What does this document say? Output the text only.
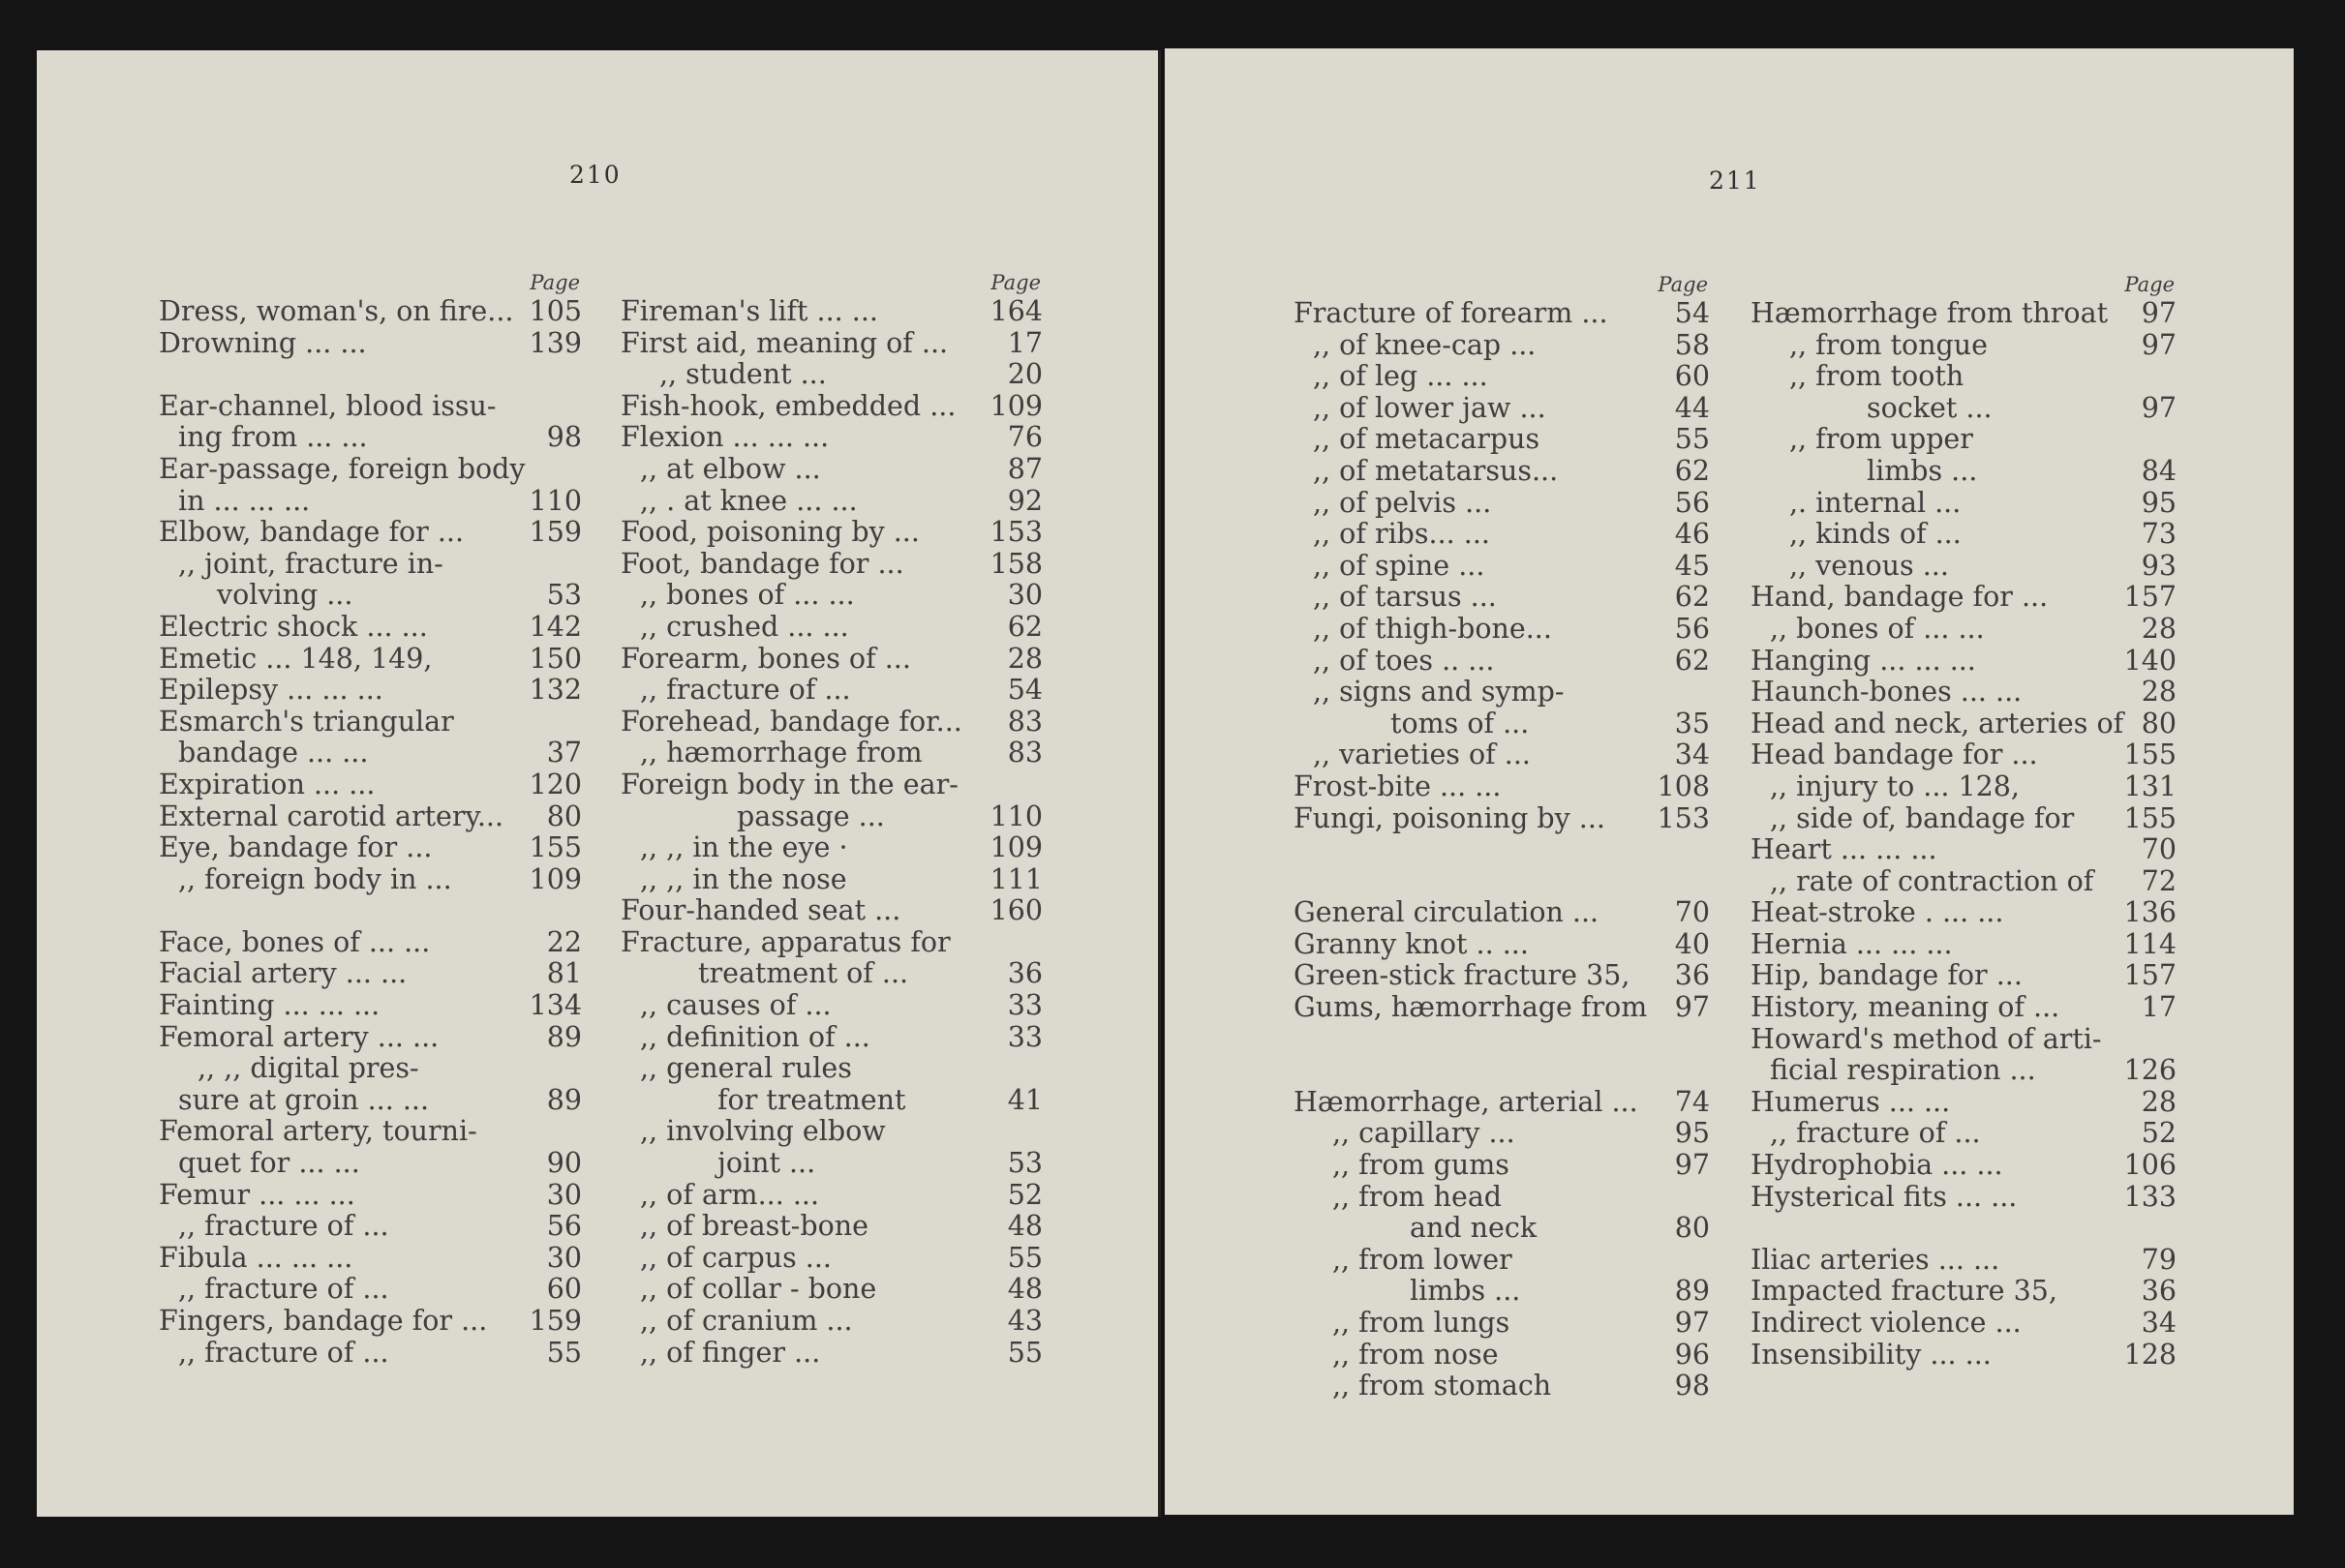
210
Page
Dress, woman's, on fire... 105
Drowning ... ...	139
Ear-channel, blood issu-
ing from ... ...	98
Ear-passage, foreign body
in ... ... ...	110
Elbow, bandage for ... 159
,, joint, fracture in-
volving ...	53
Electric shock ... ...	142
Emetic ... 148, 149,	150
Epilepsy ... ... ...	132
Esmarch's triangular
bandage ... ...	37
Expiration ... ...	120
External carotid artery... 80
Eye, bandage for ...	155
,, foreign body in ...	109
Face, bones of ... ...	22
Facial artery ... ...	81
Fainting ... ... ...	134
Femoral artery ... ...	89
,, ,, digital pres-
sure at groin ... ...	89
Femoral artery, tourni-
quet for ... ...	90
Femur ... ... ...	30
,, fracture of ...	56
Fibula ... ... ...	30
,, fracture of ...	60
Fingers, bandage for ... 159
,, fracture of ...	55
Page
Fireman's lift ... ...	164
First aid, meaning of ... 17
,, student ...	20
Fish-hook, embedded ... 109
Flexion ... ... ...	76
,, at elbow ...	87
,, . at knee ... ...	92
Food, poisoning by ...	153
Foot, bandage for ...	158
,, bones of ... ...	30
,, crushed ... ...	62
Forearm, bones of ...	28
,, fracture of ...	54
Forehead, bandage for... 83
,, hæmorrhage from	83
Foreign body in the ear-
passage ...	110
,, ,, in the eye ·	109
,, ,, in the nose	111
Four-handed seat ...	160
Fracture, apparatus for
treatment of ...	36
,, causes of ...	33
,, definition of ...	33
,, general rules
for treatment	41
,, involving elbow
joint ...	53
,, of arm... ...	52
,, of breast-bone	48
,, of carpus ...	55
,, of collar - bone	48
,, of cranium ...	43
,, of finger ...	55
211
Page
Fracture of forearm ... 54
,, of knee-cap ...	58
,, of leg ... ...	60
,, of lower jaw ...	44
,, of metacarpus	55
,, of metatarsus...	62
,, of pelvis ...	56
,, of ribs... ...	46
,, of spine ...	45
,, of tarsus ...	62
,, of thigh-bone...	56
,, of toes .. ...	62
,, signs and symp-
toms of ...	35
,, varieties of ...	34
Frost-bite ... ...	108
Fungi, poisoning by ... 153
General circulation ...	70
Granny knot .. ...	40
Green-stick fracture 35, 36
Gums, hæmorrhage from 97
Hæmorrhage, arterial ... 74
,, capillary ...	95
,, from gums	97
,, from head
and neck	80
,, from lower
limbs ...	89
,, from lungs	97
,, from nose	96
,, from stomach	98
Page
Hæmorrhage from throat 97
,, from tongue	97
,, from tooth
socket ...	97
,, from upper
limbs ...	84
,. internal ...	95
,, kinds of ...	73
,, venous ...	93
Hand, bandage for ...	157
,, bones of ... ...	28
Hanging ... ... ...	140
Haunch-bones ... ...	28
Head and neck, arteries of 80
Head bandage for ...	155
,, injury to ... 128,	131
,, side of, bandage for 155
Heart ... ... ...	70
,, rate of contraction of 72
Heat-stroke . ... ...	136
Hernia ... ... ...	114
Hip, bandage for ...	157
History, meaning of ...	17
Howard's method of arti-
ficial respiration ...	126
Humerus ... ...	28
,, fracture of ...	52
Hydrophobia ... ...	106
Hysterical fits ... ...	133
Iliac arteries ... ...	79
Impacted fracture 35,	36
Indirect violence ...	34
Insensibility ... ...	128
